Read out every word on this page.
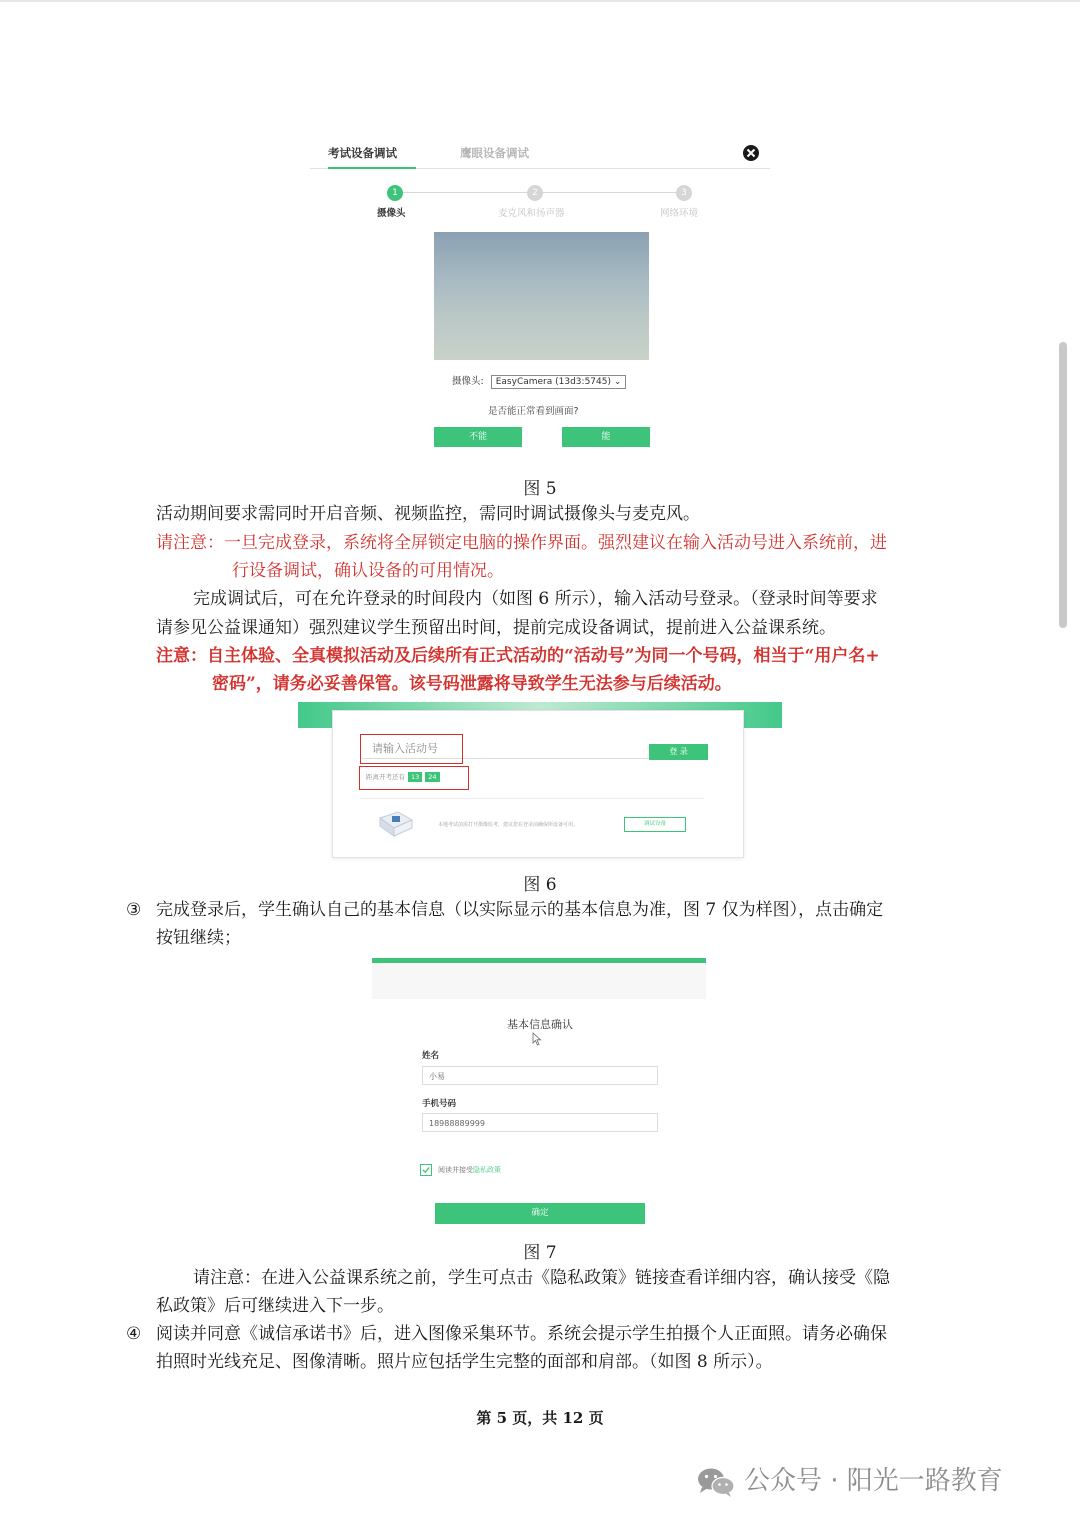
考试设备调试	鹰眼设备调试
1	2	3
摄像头	麦克风和扬声器	网络环境
摄像头: EasyCamera (13d3:5745) ⌄
是否能正常看到画面?
不能	能
图 5
活动期间要求需同时开启音频、视频监控，需同时调试摄像头与麦克风。
请注意：一旦完成登录，系统将全屏锁定电脑的操作界面。强烈建议在输入活动号进入系统前，进
行设备调试，确认设备的可用情况。
完成调试后，可在允许登录的时间段内（如图 6 所示），输入活动号登录。（登录时间等要求
请参见公益课通知）强烈建议学生预留出时间，提前完成设备调试，提前进入公益课系统。
注意：自主体验、全真模拟活动及后续所有正式活动的“活动号”为同一个号码，相当于“用户名+
密码”，请务必妥善保管。该号码泄露将导致学生无法参与后续活动。
请输入活动号	登 录
距离开考还有 13 24
本地考试前需打开摄像监考，建议您在登录前确保所设备可用。	调试设备
图 6
③ 完成登录后，学生确认自己的基本信息（以实际显示的基本信息为准，图 7 仅为样图），点击确定
按钮继续；
基本信息确认
姓名
小易
手机号码
18988889999
阅读并接受隐私政策
确定
图 7
请注意：在进入公益课系统之前，学生可点击《隐私政策》链接查看详细内容，确认接受《隐
私政策》后可继续进入下一步。
④ 阅读并同意《诚信承诺书》后，进入图像采集环节。系统会提示学生拍摄个人正面照。请务必确保
拍照时光线充足、图像清晰。照片应包括学生完整的面部和肩部。（如图 8 所示）。
第 5 页，共 12 页
公众号 · 阳光一路教育
